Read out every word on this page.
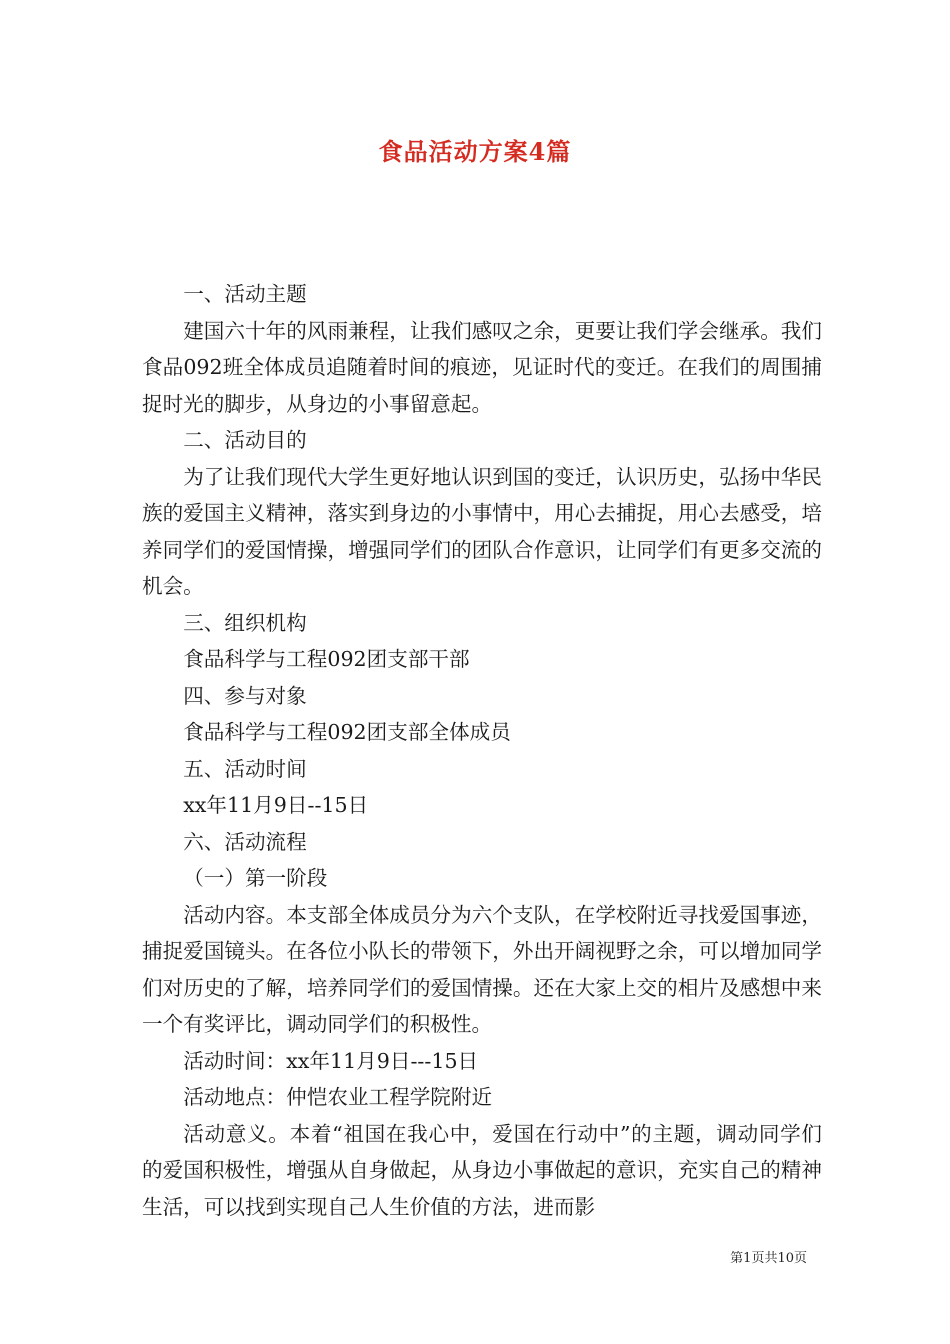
食品活动方案4篇

一、活动主题

建国六十年的风雨兼程，让我们感叹之余，更要让我们学会继承。我们食品092班全体成员追随着时间的痕迹，见证时代的变迁。在我们的周围捕捉时光的脚步，从身边的小事留意起。

二、活动目的

为了让我们现代大学生更好地认识到国的变迁，认识历史，弘扬中华民族的爱国主义精神，落实到身边的小事情中，用心去捕捉，用心去感受，培养同学们的爱国情操，增强同学们的团队合作意识，让同学们有更多交流的机会。

三、组织机构

食品科学与工程092团支部干部

四、参与对象

食品科学与工程092团支部全体成员

五、活动时间

xx年11月9日--15日

六、活动流程

（一）第一阶段

活动内容。本支部全体成员分为六个支队，在学校附近寻找爱国事迹，捕捉爱国镜头。在各位小队长的带领下，外出开阔视野之余，可以增加同学们对历史的了解，培养同学们的爱国情操。还在大家上交的相片及感想中来一个有奖评比，调动同学们的积极性。

活动时间：xx年11月9日---15日

活动地点：仲恺农业工程学院附近

活动意义。本着“祖国在我心中，爱国在行动中”的主题，调动同学们的爱国积极性，增强从自身做起，从身边小事做起的意识，充实自己的精神生活，可以找到实现自己人生价值的方法，进而影

第1页共10页
